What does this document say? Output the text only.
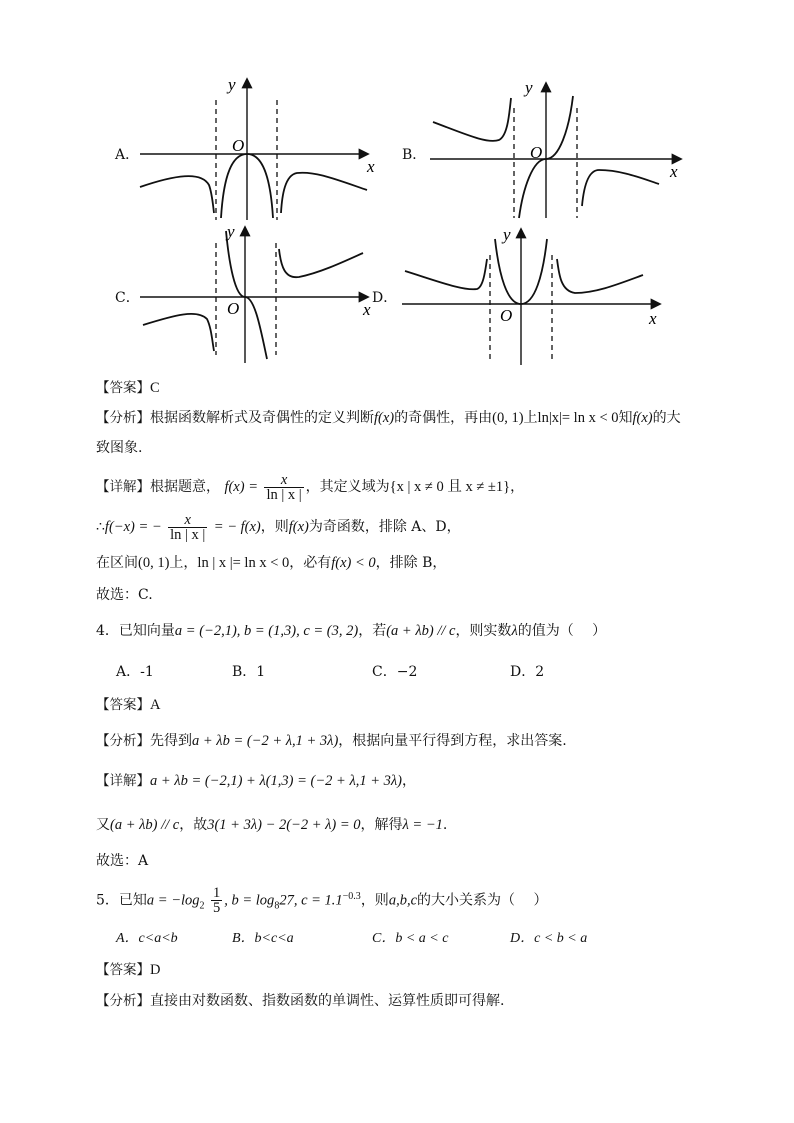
A．
x
y
O	B．
x
y
O
C．
x
y
O
D．
x
y
O
【答案】C
【分析】根据函数解析式及奇偶性的定义判断f(x)的奇偶性，再由(0, 1)上ln|x|= ln x < 0知f(x)的大
致图象.
【详解】根据题意， $f(x) = \frac{x}{\ln | x |}$ ，其定义域为{x | x ≠ 0 且 x ≠ ±1}，
∴f(−x) = − $\frac{x}{\ln | x |}$ = − f(x)，则f(x)为奇函数，排除 A、D，
在区间(0, 1)上，ln | x |= ln x < 0，必有f(x) < 0，排除 B，
故选：C.
4．已知向量a = (−2,1), b = (1,3), c = (3, 2)，若(a + λb) // c，则实数λ的值为（　 ）
A．-1	B．1	C．−2	D．2
【答案】A
【分析】先得到a + λb = (−2 + λ,1 + 3λ)，根据向量平行得到方程，求出答案.
【详解】a + λb = (−2,1) + λ(1,3) = (−2 + λ,1 + 3λ)，
又(a + λb) // c，故3(1 + 3λ) − 2(−2 + λ) = 0，解得λ = −1.
故选：A
5．已知$a = -\log_2 \frac{1}{5}$ , $b = \log_827$, $c = 1.1^{-0.3}$，则a,b,c的大小关系为（　 ）
A．c<a<b	B．b<c<a	C．b < a < c	D．c < b < a
【答案】D
【分析】直接由对数函数、指数函数的单调性、运算性质即可得解.
